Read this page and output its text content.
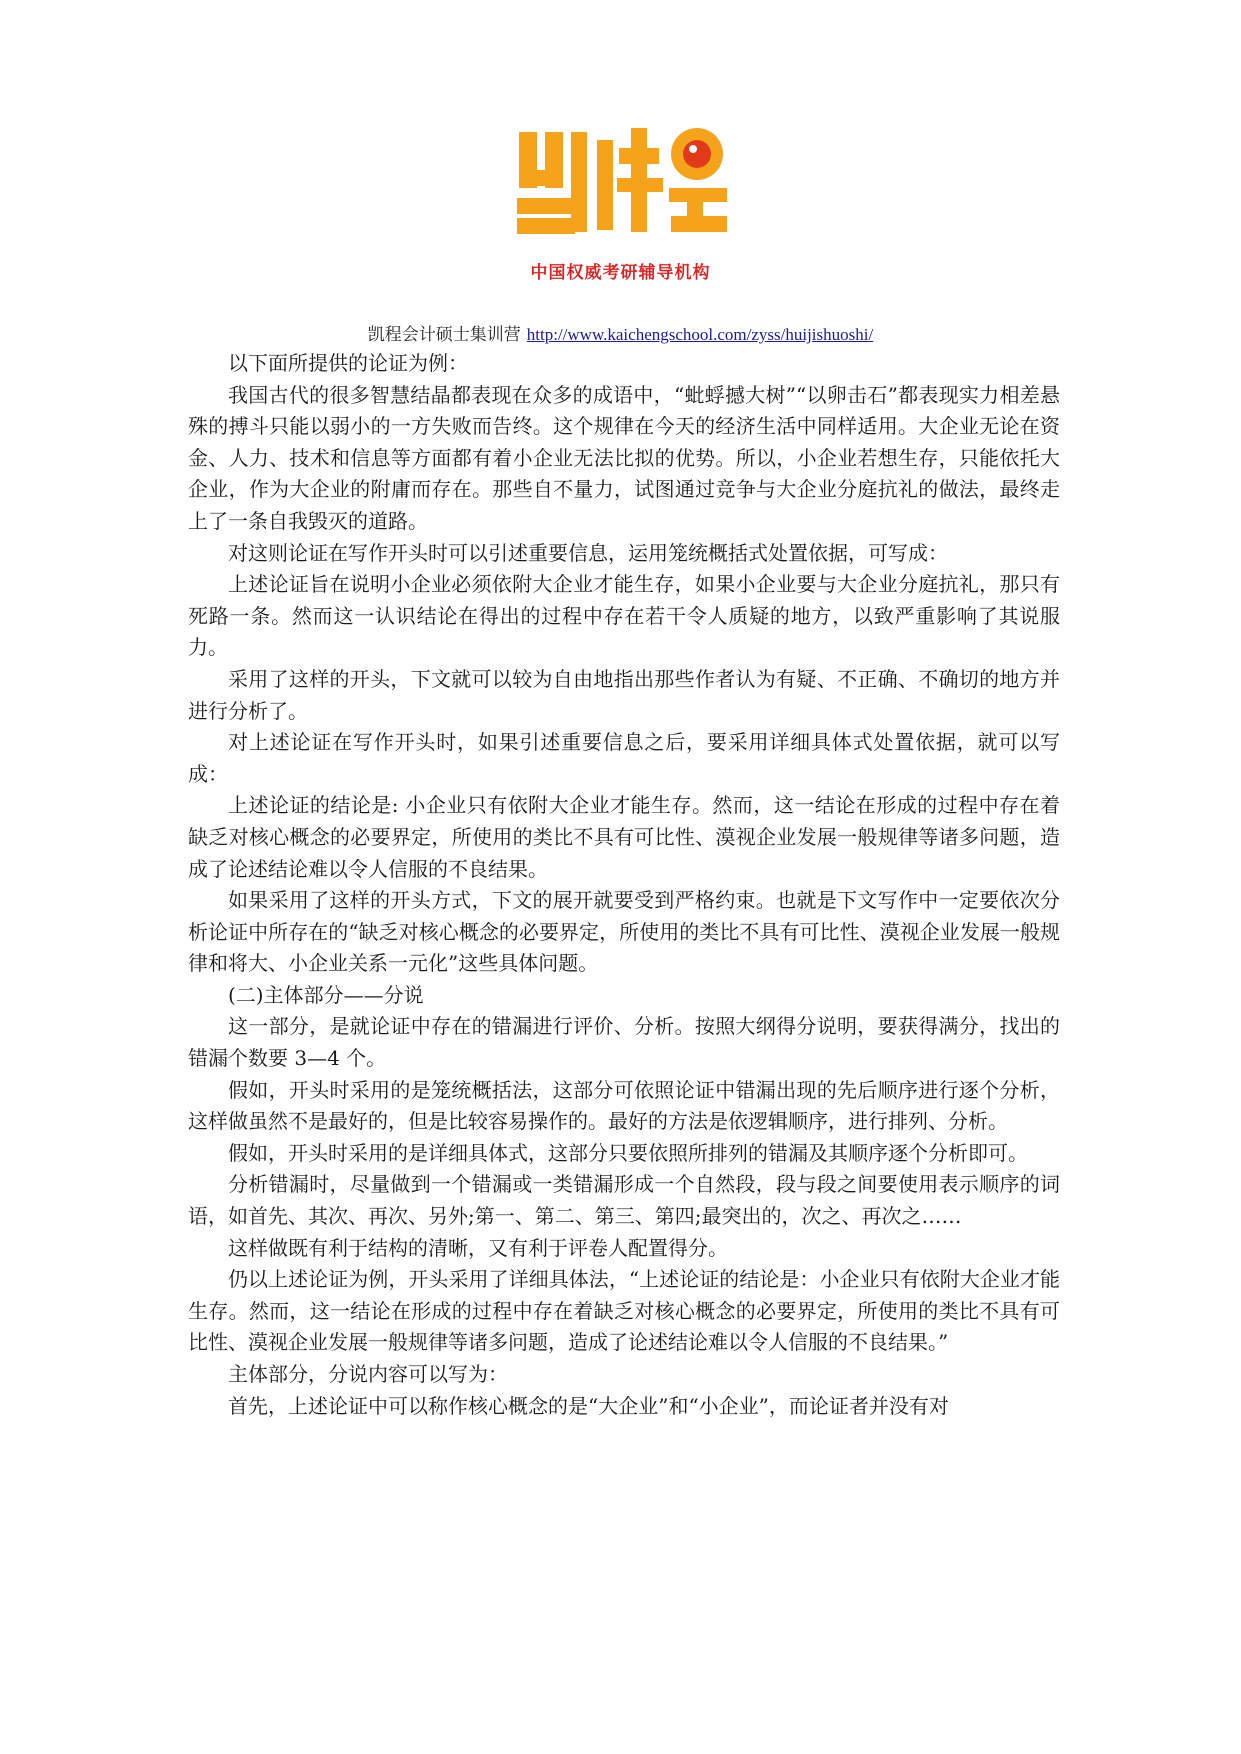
中国权威考研辅导机构
凯程会计硕士集训营 http://www.kaichengschool.com/zyss/huijishuoshi/

以下面所提供的论证为例：

我国古代的很多智慧结晶都表现在众多的成语中，“蚍蜉撼大树”“以卵击石”都表现实力相差悬殊的搏斗只能以弱小的一方失败而告终。这个规律在今天的经济生活中同样适用。大企业无论在资金、人力、技术和信息等方面都有着小企业无法比拟的优势。所以，小企业若想生存，只能依托大企业，作为大企业的附庸而存在。那些自不量力，试图通过竞争与大企业分庭抗礼的做法，最终走上了一条自我毁灭的道路。

对这则论证在写作开头时可以引述重要信息，运用笼统概括式处置依据，可写成：

上述论证旨在说明小企业必须依附大企业才能生存，如果小企业要与大企业分庭抗礼，那只有死路一条。然而这一认识结论在得出的过程中存在若干令人质疑的地方，以致严重影响了其说服力。

采用了这样的开头，下文就可以较为自由地指出那些作者认为有疑、不正确、不确切的地方并进行分析了。

对上述论证在写作开头时，如果引述重要信息之后，要采用详细具体式处置依据，就可以写成：

上述论证的结论是: 小企业只有依附大企业才能生存。然而，这一结论在形成的过程中存在着缺乏对核心概念的必要界定，所使用的类比不具有可比性、漠视企业发展一般规律等诸多问题，造成了论述结论难以令人信服的不良结果。

如果采用了这样的开头方式，下文的展开就要受到严格约束。也就是下文写作中一定要依次分析论证中所存在的“缺乏对核心概念的必要界定，所使用的类比不具有可比性、漠视企业发展一般规律和将大、小企业关系一元化”这些具体问题。

(二)主体部分——分说

这一部分，是就论证中存在的错漏进行评价、分析。按照大纲得分说明，要获得满分，找出的错漏个数要 3—4 个。

假如，开头时采用的是笼统概括法，这部分可依照论证中错漏出现的先后顺序进行逐个分析，这样做虽然不是最好的，但是比较容易操作的。最好的方法是依逻辑顺序，进行排列、分析。

假如，开头时采用的是详细具体式，这部分只要依照所排列的错漏及其顺序逐个分析即可。

分析错漏时，尽量做到一个错漏或一类错漏形成一个自然段，段与段之间要使用表示顺序的词语，如首先、其次、再次、另外;第一、第二、第三、第四;最突出的，次之、再次之……

这样做既有利于结构的清晰，又有利于评卷人配置得分。

仍以上述论证为例，开头采用了详细具体法，“上述论证的结论是：小企业只有依附大企业才能生存。然而，这一结论在形成的过程中存在着缺乏对核心概念的必要界定，所使用的类比不具有可比性、漠视企业发展一般规律等诸多问题，造成了论述结论难以令人信服的不良结果。”

主体部分，分说内容可以写为：

首先，上述论证中可以称作核心概念的是“大企业”和“小企业”，而论证者并没有对
